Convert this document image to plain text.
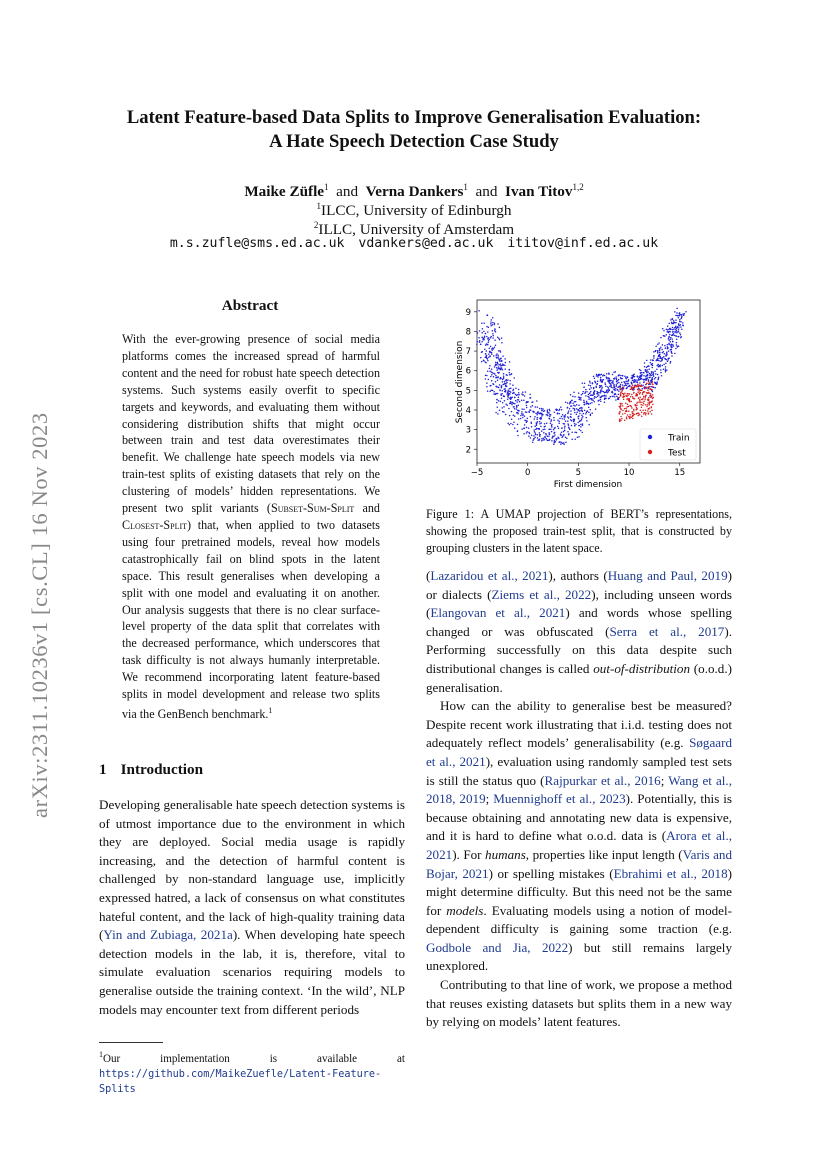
arXiv:2311.10236v1 [cs.CL] 16 Nov 2023
Latent Feature-based Data Splits to Improve Generalisation Evaluation:
A Hate Speech Detection Case Study
Maike Züfle$^1$ and Verna Dankers$^1$ and Ivan Titov$^{1,2}$
$^1$ILCC, University of Edinburgh
$^2$ILLC, University of Amsterdam
m.s.zufle@sms.ed.ac.uk vdankers@ed.ac.uk ititov@inf.ed.ac.uk
Abstract
With the ever-growing presence of social media platforms comes the increased spread of harmful content and the need for robust hate speech detection systems. Such systems easily overfit to specific targets and keywords, and evaluating them without considering distribution shifts that might occur between train and test data overestimates their benefit. We challenge hate speech models via new train-test splits of existing datasets that rely on the clustering of models’ hidden representations. We present two split variants (Subset-Sum-Split and Closest-Split) that, when applied to two datasets using four pretrained models, reveal how models catastrophically fail on blind spots in the latent space. This result generalises when developing a split with one model and evaluating it on another. Our analysis suggests that there is no clear surface-level property of the data split that correlates with the decreased performance, which underscores that task difficulty is not always humanly interpretable. We recommend incorporating latent feature-based splits in model development and release two splits via the GenBench benchmark.$^1$
1 Introduction
Developing generalisable hate speech detection systems is of utmost importance due to the environment in which they are deployed. Social media usage is rapidly increasing, and the detection of harmful content is challenged by non-standard language use, implicitly expressed hatred, a lack of consensus on what constitutes hateful content, and the lack of high-quality training data (Yin and Zubiaga, 2021a). When developing hate speech detection models in the lab, it is, therefore, vital to simulate evaluation scenarios requiring models to generalise outside the training context. ‘In the wild’, NLP models may encounter text from different periods
$^1$Our implementation is available at https://github.com/MaikeZuefle/Latent-Feature-Splits
−5	0	5	10	15
2
3
4
5
6
7
8
9
First dimension
Second dimension
Train
Test
Figure 1: A UMAP projection of BERT’s representations, showing the proposed train-test split, that is constructed by grouping clusters in the latent space.
(Lazaridou et al., 2021), authors (Huang and Paul, 2019) or dialects (Ziems et al., 2022), including unseen words (Elangovan et al., 2021) and words whose spelling changed or was obfuscated (Serra et al., 2017). Performing successfully on this data despite such distributional changes is called out-of-distribution (o.o.d.) generalisation.
How can the ability to generalise best be measured? Despite recent work illustrating that i.i.d. testing does not adequately reflect models’ generalisability (e.g. Søgaard et al., 2021), evaluation using randomly sampled test sets is still the status quo (Rajpurkar et al., 2016; Wang et al., 2018, 2019; Muennighoff et al., 2023). Potentially, this is because obtaining and annotating new data is expensive, and it is hard to define what o.o.d. data is (Arora et al., 2021). For humans, properties like input length (Varis and Bojar, 2021) or spelling mistakes (Ebrahimi et al., 2018) might determine difficulty. But this need not be the same for models. Evaluating models using a notion of model-dependent difficulty is gaining some traction (e.g. Godbole and Jia, 2022) but still remains largely unexplored.
Contributing to that line of work, we propose a method that reuses existing datasets but splits them in a new way by relying on models’ latent features.
